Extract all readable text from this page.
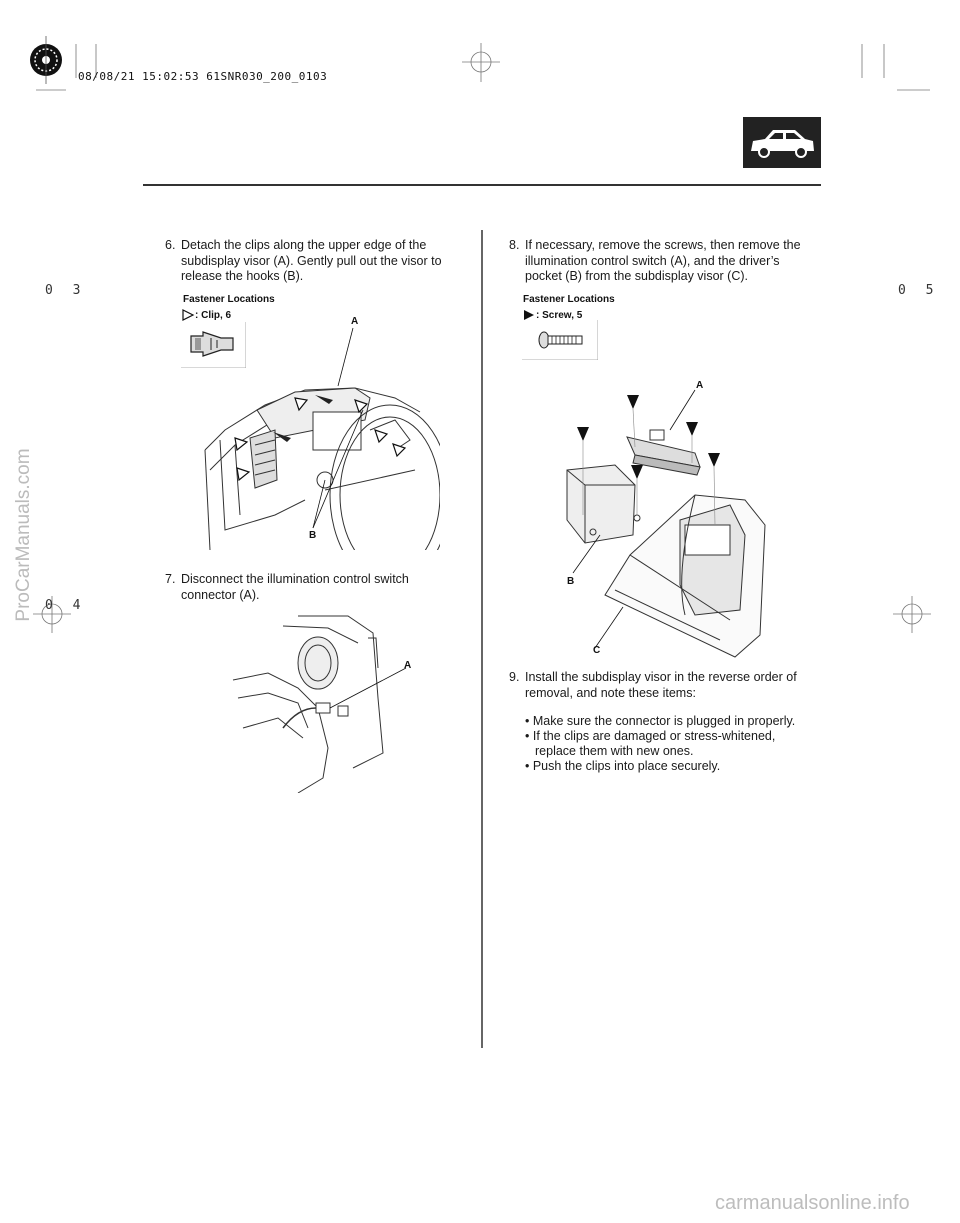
08/08/21 15:02:53 61SNR030_200_0103
0 3
0 4
0 5
6. Detach the clips along the upper edge of the subdisplay visor (A). Gently pull out the visor to release the hooks (B).
Fastener Locations
: Clip, 6
A
B
7. Disconnect the illumination control switch connector (A).
A
8. If necessary, remove the screws, then remove the illumination control switch (A), and the driver’s pocket (B) from the subdisplay visor (C).
Fastener Locations
: Screw, 5
A
B
C
9. Install the subdisplay visor in the reverse order of removal, and note these items:
• Make sure the connector is plugged in properly.
• If the clips are damaged or stress-whitened, replace them with new ones.
• Push the clips into place securely.
ProCarManuals.com
carmanualsonline.info
